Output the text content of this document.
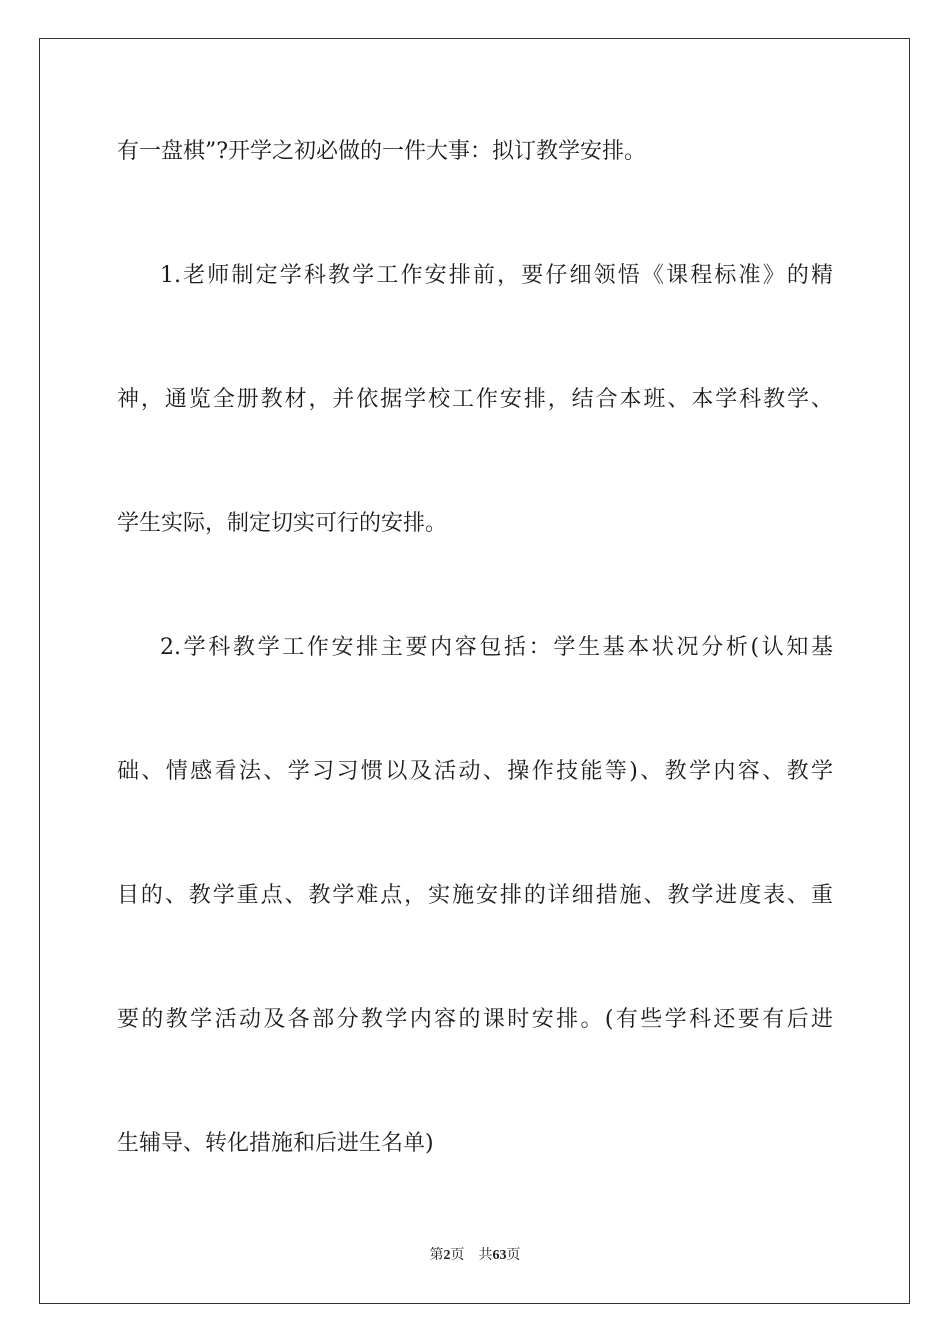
有一盘棋”?开学之初必做的一件大事：拟订教学安排。
1.老师制定学科教学工作安排前，要仔细领悟《课程标准》的精
神，通览全册教材，并依据学校工作安排，结合本班、本学科教学、
学生实际，制定切实可行的安排。
2.学科教学工作安排主要内容包括：学生基本状况分析(认知基
础、情感看法、学习习惯以及活动、操作技能等)、教学内容、教学
目的、教学重点、教学难点，实施安排的详细措施、教学进度表、重
要的教学活动及各部分教学内容的课时安排。(有些学科还要有后进
生辅导、转化措施和后进生名单)
第2页 共63页
